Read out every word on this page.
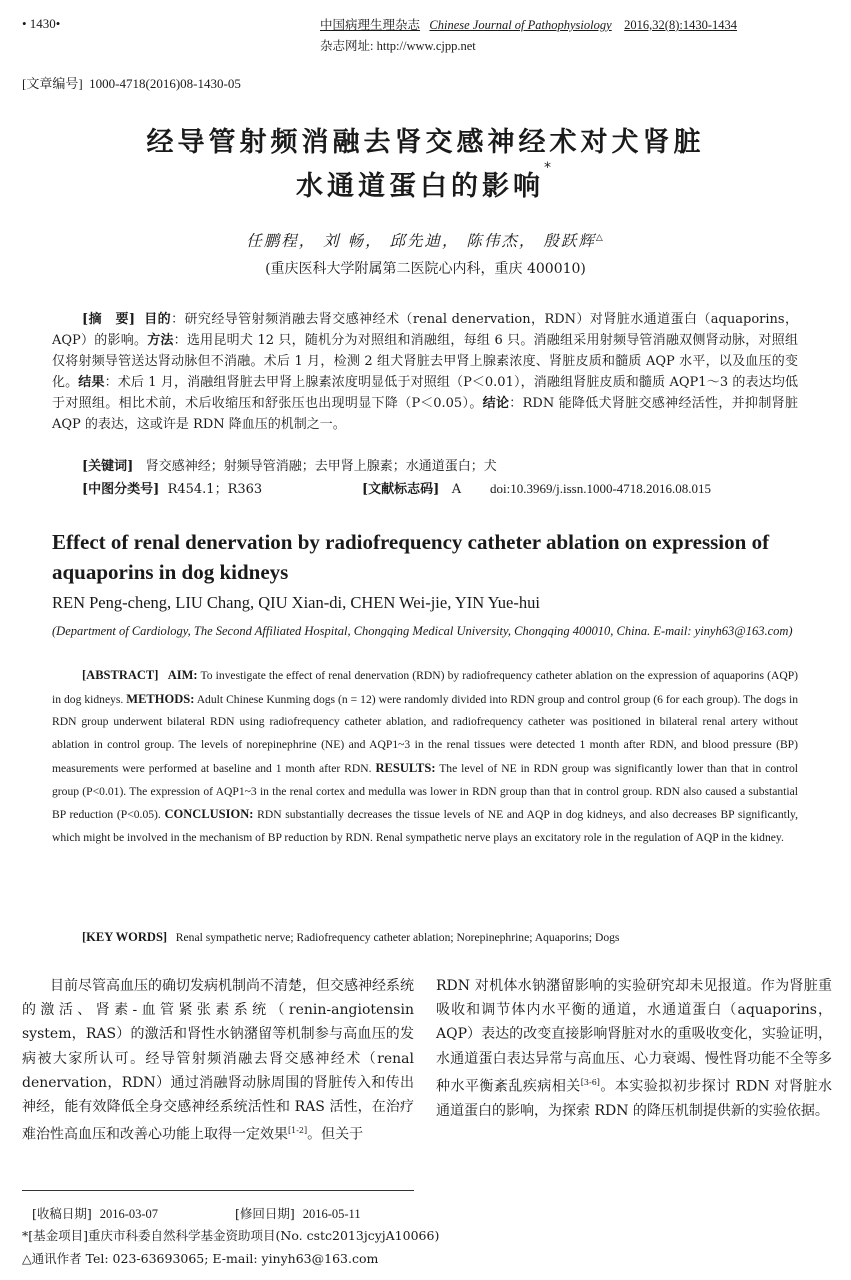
• 1430•	中国病理生理杂志 Chinese Journal of Pathophysiology 2016,32(8):1430-1434
杂志网址: http://www.cjpp.net
[文章编号] 1000-4718(2016)08-1430-05
经导管射频消融去肾交感神经术对犬肾脏
水通道蛋白的影响*
任鹏程， 刘 畅， 邱先迪， 陈伟杰， 殷跃辉△
(重庆医科大学附属第二医院心内科，重庆 400010)
[摘　要] 目的：研究经导管射频消融去肾交感神经术（renal denervation，RDN）对肾脏水通道蛋白（aquaporins，AQP）的影响。方法：选用昆明犬 12 只，随机分为对照组和消融组，每组 6 只。消融组采用射频导管消融双侧肾动脉，对照组仅将射频导管送达肾动脉但不消融。术后 1 月，检测 2 组犬肾脏去甲肾上腺素浓度、肾脏皮质和髓质 AQP 水平，以及血压的变化。结果：术后 1 月，消融组肾脏去甲肾上腺素浓度明显低于对照组（P＜0.01），消融组肾脏皮质和髓质 AQP1～3 的表达均低于对照组。相比术前，术后收缩压和舒张压也出现明显下降（P＜0.05）。结论：RDN 能降低犬肾脏交感神经活性，并抑制肾脏 AQP 的表达，这或许是 RDN 降血压的机制之一。
[关键词] 肾交感神经；射频导管消融；去甲肾上腺素；水通道蛋白；犬
[中图分类号] R454.1；R363	[文献标志码] A doi:10.3969/j.issn.1000-4718.2016.08.015
Effect of renal denervation by radiofrequency catheter ablation on expression of aquaporins in dog kidneys
REN Peng-cheng, LIU Chang, QIU Xian-di, CHEN Wei-jie, YIN Yue-hui
(Department of Cardiology, The Second Affiliated Hospital, Chongqing Medical University, Chongqing 400010, China. E-mail: yinyh63@163.com)
[ABSTRACT] AIM: To investigate the effect of renal denervation (RDN) by radiofrequency catheter ablation on the expression of aquaporins (AQP) in dog kidneys. METHODS: Adult Chinese Kunming dogs (n = 12) were randomly divided into RDN group and control group (6 for each group). The dogs in RDN group underwent bilateral RDN using radiofrequency catheter ablation, and radiofrequency catheter was positioned in bilateral renal artery without ablation in control group. The levels of norepinephrine (NE) and AQP1~3 in the renal tissues were detected 1 month after RDN, and blood pressure (BP) measurements were performed at baseline and 1 month after RDN. RESULTS: The level of NE in RDN group was significantly lower than that in control group (P<0.01). The expression of AQP1~3 in the renal cortex and medulla was lower in RDN group than that in control group. RDN also caused a substantial BP reduction (P<0.05). CONCLUSION: RDN substantially decreases the tissue levels of NE and AQP in dog kidneys, and also decreases BP significantly, which might be involved in the mechanism of BP reduction by RDN. Renal sympathetic nerve plays an excitatory role in the regulation of AQP in the kidney.
[KEY WORDS] Renal sympathetic nerve; Radiofrequency catheter ablation; Norepinephrine; Aquaporins; Dogs
目前尽管高血压的确切发病机制尚不清楚，但交感神经系统的激活、肾素-血管紧张素系统（renin-angiotensin system，RAS）的激活和肾性水钠潴留等机制参与高血压的发病被大家所认可。经导管射频消融去肾交感神经术（renal denervation，RDN）通过消融肾动脉周围的肾脏传入和传出神经，能有效降低全身交感神经系统活性和 RAS 活性，在治疗难治性高血压和改善心功能上取得一定效果[1-2]。但关于
RDN 对机体水钠潴留影响的实验研究却未见报道。作为肾脏重吸收和调节体内水平衡的通道，水通道蛋白（aquaporins，AQP）表达的改变直接影响肾脏对水的重吸收变化，实验证明，水通道蛋白表达异常与高血压、心力衰竭、慢性肾功能不全等多种水平衡紊乱疾病相关[3-6]。本实验拟初步探讨 RDN 对肾脏水通道蛋白的影响，为探索 RDN 的降压机制提供新的实验依据。
[收稿日期] 2016-03-07	[修回日期] 2016-05-11
*[基金项目]重庆市科委自然科学基金资助项目(No. cstc2013jcyjA10066)
△通讯作者 Tel: 023-63693065; E-mail: yinyh63@163.com
